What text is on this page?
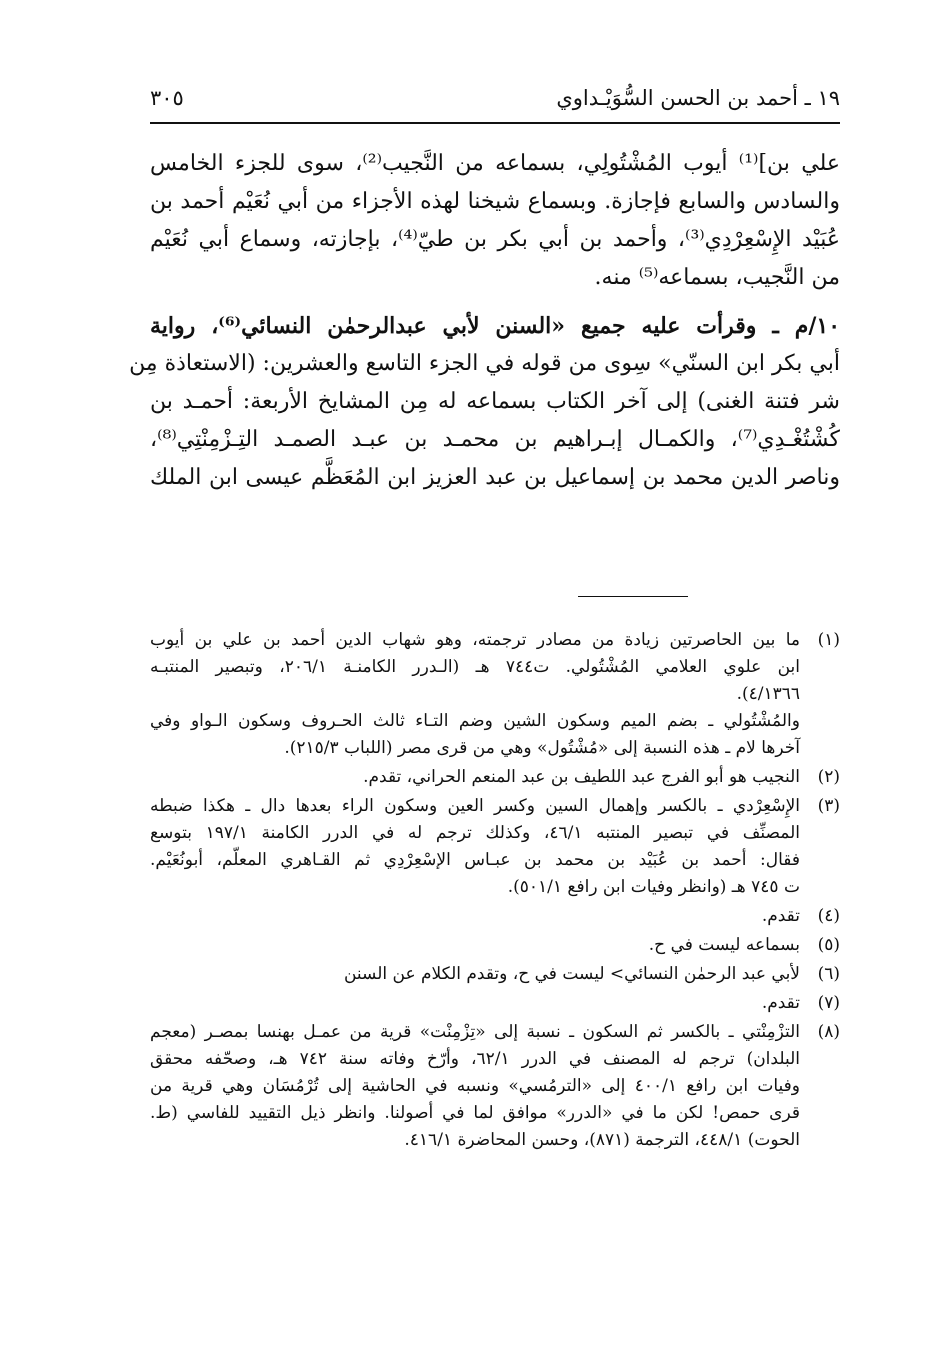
١٩ ـ أحمد بن الحسن السُّوَيْـداوي
٣٠٥

علي بن]⁽¹⁾ أيوب المُشْتُولِي، بسماعه من النَّجيب⁽²⁾، سوى للجزء الخامس
والسادس والسابع فإجازة. وبسماع شيخنا لهذه الأجزاء من أبي نُعَيْم أحمد بن
عُبَيْد الإِسْعِرْدِي⁽³⁾، وأحمد بن أبي بكر بن طيّ⁽⁴⁾، بإجازته، وسماع أبي نُعَيْم
من النَّجيب، بسماعه⁽⁵⁾ منه.

١٠/م ـ وقرأت عليه جميع «السنن لأبي عبدالرحمٰن النسائي⁽⁶⁾، رواية
أبي بكر ابن السنّي» سِوى من قوله في الجزء التاسع والعشرين: (الاستعاذة مِن
شر فتنة الغنى) إلى آخر الكتاب بسماعه له مِن المشايخ الأربعة: أحمـد بن
كُشْتُغْـدِي⁽⁷⁾، والكمـال إبـراهيم بن محمـد بن عبـد الصمـد التِـزْمِنْتِي⁽⁸⁾،
وناصر الدين محمد بن إسماعيل بن عبد العزيز ابن المُعَظَّم عيسى ابن الملك

(١)
ما بين الحاصرتين زيادة من مصادر ترجمته، وهو شهاب الدين أحمد بن علي بن أيوب
ابن علوي العلامي المُشْتُولي. ت٧٤٤ هـ (الـدرر الكامنـة ٢٠٦/١، وتبصير المنتبـه
٤/١٣٦٦).
والمُشْتُولي ـ بضم الميم وسكون الشين وضم التـاء ثالث الحـروف وسكون الـواو وفي
آخرها لام ـ هذه النسبة إلى «مُشْتُول» وهي من قرى مصر (اللباب ٢١٥/٣).
(٢)
النجيب هو أبو الفرج عبد اللطيف بن عبد المنعم الحراني، تقدم.
(٣)
الإِسْعِرْدي ـ بالكسر وإهمال السين وكسر العين وسكون الراء بعدها دال ـ هكذا ضبطه
المصنِّف في تبصير المنتبه ٤٦/١، وكذلك ترجم له في الدرر الكامنة ١٩٧/١ بتوسع
فقال: أحمد بن عُبَيْد بن محمد بن عبـاس الإسْعِرْدِي ثم القـاهري المعلّم، أبونُعَيْم.
ت ٧٤٥ هـ (وانظر وفيات ابن رافع ٥٠١/١).
(٤)
تقدم.
(٥)
بسماعه ليست في ح.
(٦)
لأبي عبد الرحمٰن النسائي> ليست في ح، وتقدم الكلام عن السنن
(٧)
تقدم.
(٨)
التزْمِنْتي ـ بالكسر ثم السكون ـ نسبة إلى «تِزْمِنْت» قرية من عمـل بهنسا بمصـر (معجم
البلدان) ترجم له المصنف في الدرر ٦٢/١، وأرّخ وفاته سنة ٧٤٢ هـ، وصحّفه محقق
وفيات ابن رافع ٤٠٠/١ إلى «الترمُسي» ونسبه في الحاشية إلى تُرْمُسَان وهي قرية من
قرى حمص! لكن ما في «الدرر» موافق لما في أصولنا. وانظر ذيل التقييد للفاسي (ط.
الحوت) ٤٤٨/١، الترجمة (٨٧١)، وحسن المحاضرة ٤١٦/١.
